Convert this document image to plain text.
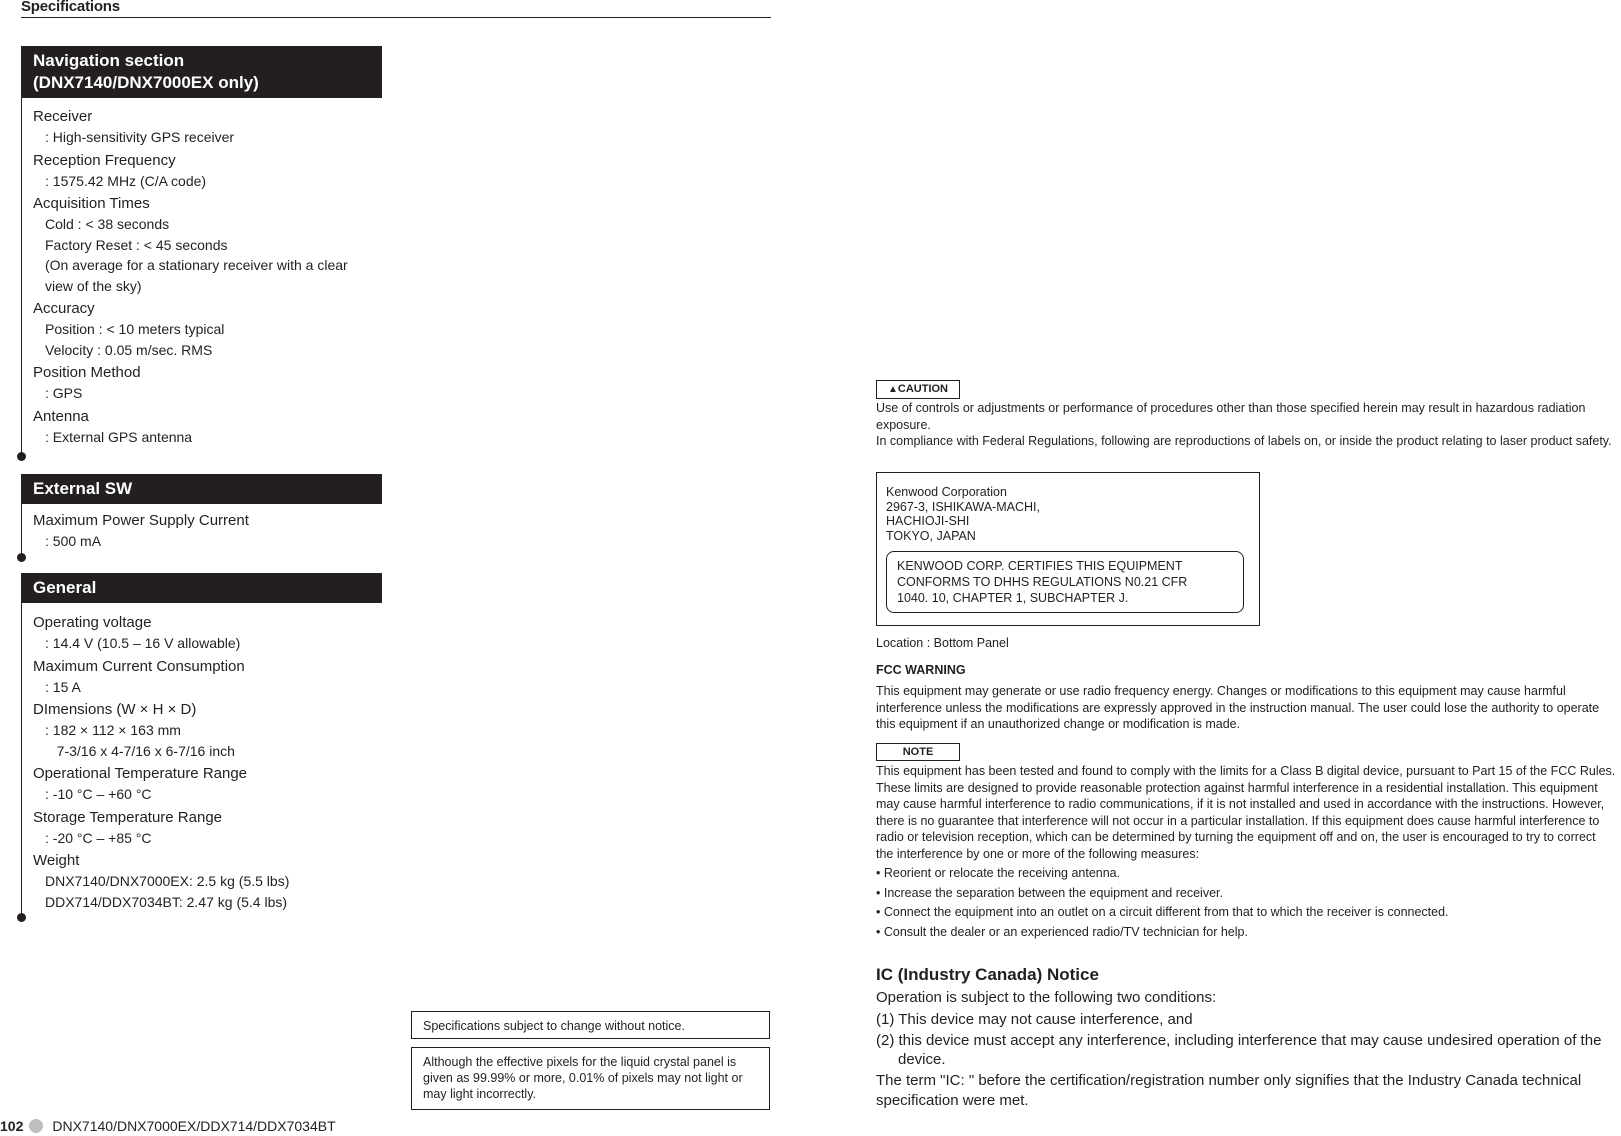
Specifications
Navigation section
(DNX7140/DNX7000EX only)
Receiver
: High-sensitivity GPS receiver
Reception Frequency
: 1575.42 MHz (C/A code)
Acquisition Times
Cold : < 38 seconds
Factory Reset : < 45 seconds
(On average for a stationary receiver with a clear
view of the sky)
Accuracy
Position : < 10 meters typical
Velocity : 0.05 m/sec. RMS
Position Method
: GPS
Antenna
: External GPS antenna
External SW
Maximum Power Supply Current
: 500 mA
General
Operating voltage
: 14.4 V (10.5 – 16 V allowable)
Maximum Current Consumption
: 15 A
DImensions (W × H × D)
: 182 × 112 × 163 mm
7-3/16 x 4-7/16 x 6-7/16 inch
Operational Temperature Range
: -10 °C – +60 °C
Storage Temperature Range
: -20 °C – +85 °C
Weight
DNX7140/DNX7000EX: 2.5 kg (5.5 lbs)
DDX714/DDX7034BT: 2.47 kg (5.4 lbs)
Specifications subject to change without notice.
Although the effective pixels for the liquid crystal panel is given as 99.99% or more, 0.01% of pixels may not light or may light incorrectly.
102 DNX7140/DNX7000EX/DDX714/DDX7034BT
▲CAUTION

Use of controls or adjustments or performance of procedures other than those specified herein may result in hazardous radiation exposure.

In compliance with Federal Regulations, following are reproductions of labels on, or inside the product relating to laser product safety.

Kenwood Corporation
2967-3, ISHIKAWA-MACHI,
HACHIOJI-SHI
TOKYO, JAPAN
KENWOOD CORP. CERTIFIES THIS EQUIPMENT
CONFORMS TO DHHS REGULATIONS N0.21 CFR
1040. 10, CHAPTER 1, SUBCHAPTER J.
Location : Bottom Panel
FCC WARNING
This equipment may generate or use radio frequency energy. Changes or modifications to this equipment may cause harmful interference unless the modifications are expressly approved in the instruction manual. The user could lose the authority to operate this equipment if an unauthorized change or modification is made.
NOTE

This equipment has been tested and found to comply with the limits for a Class B digital device, pursuant to Part 15 of the FCC Rules. These limits are designed to provide reasonable protection against harmful interference in a residential installation. This equipment may cause harmful interference to radio communications, if it is not installed and used in accordance with the instructions. However, there is no guarantee that interference will not occur in a particular installation. If this equipment does cause harmful interference to radio or television reception, which can be determined by turning the equipment off and on, the user is encouraged to try to correct the interference by one or more of the following measures:

• Reorient or relocate the receiving antenna.

• Increase the separation between the equipment and receiver.

• Connect the equipment into an outlet on a circuit different from that to which the receiver is connected.

• Consult the dealer or an experienced radio/TV technician for help.

IC (Industry Canada) Notice
Operation is subject to the following two conditions:
(1) This device may not cause interference, and
(2) this device must accept any interference, including interference that may cause undesired operation of the device.
The term "IC: " before the certification/registration number only signifies that the Industry Canada technical specification were met.
